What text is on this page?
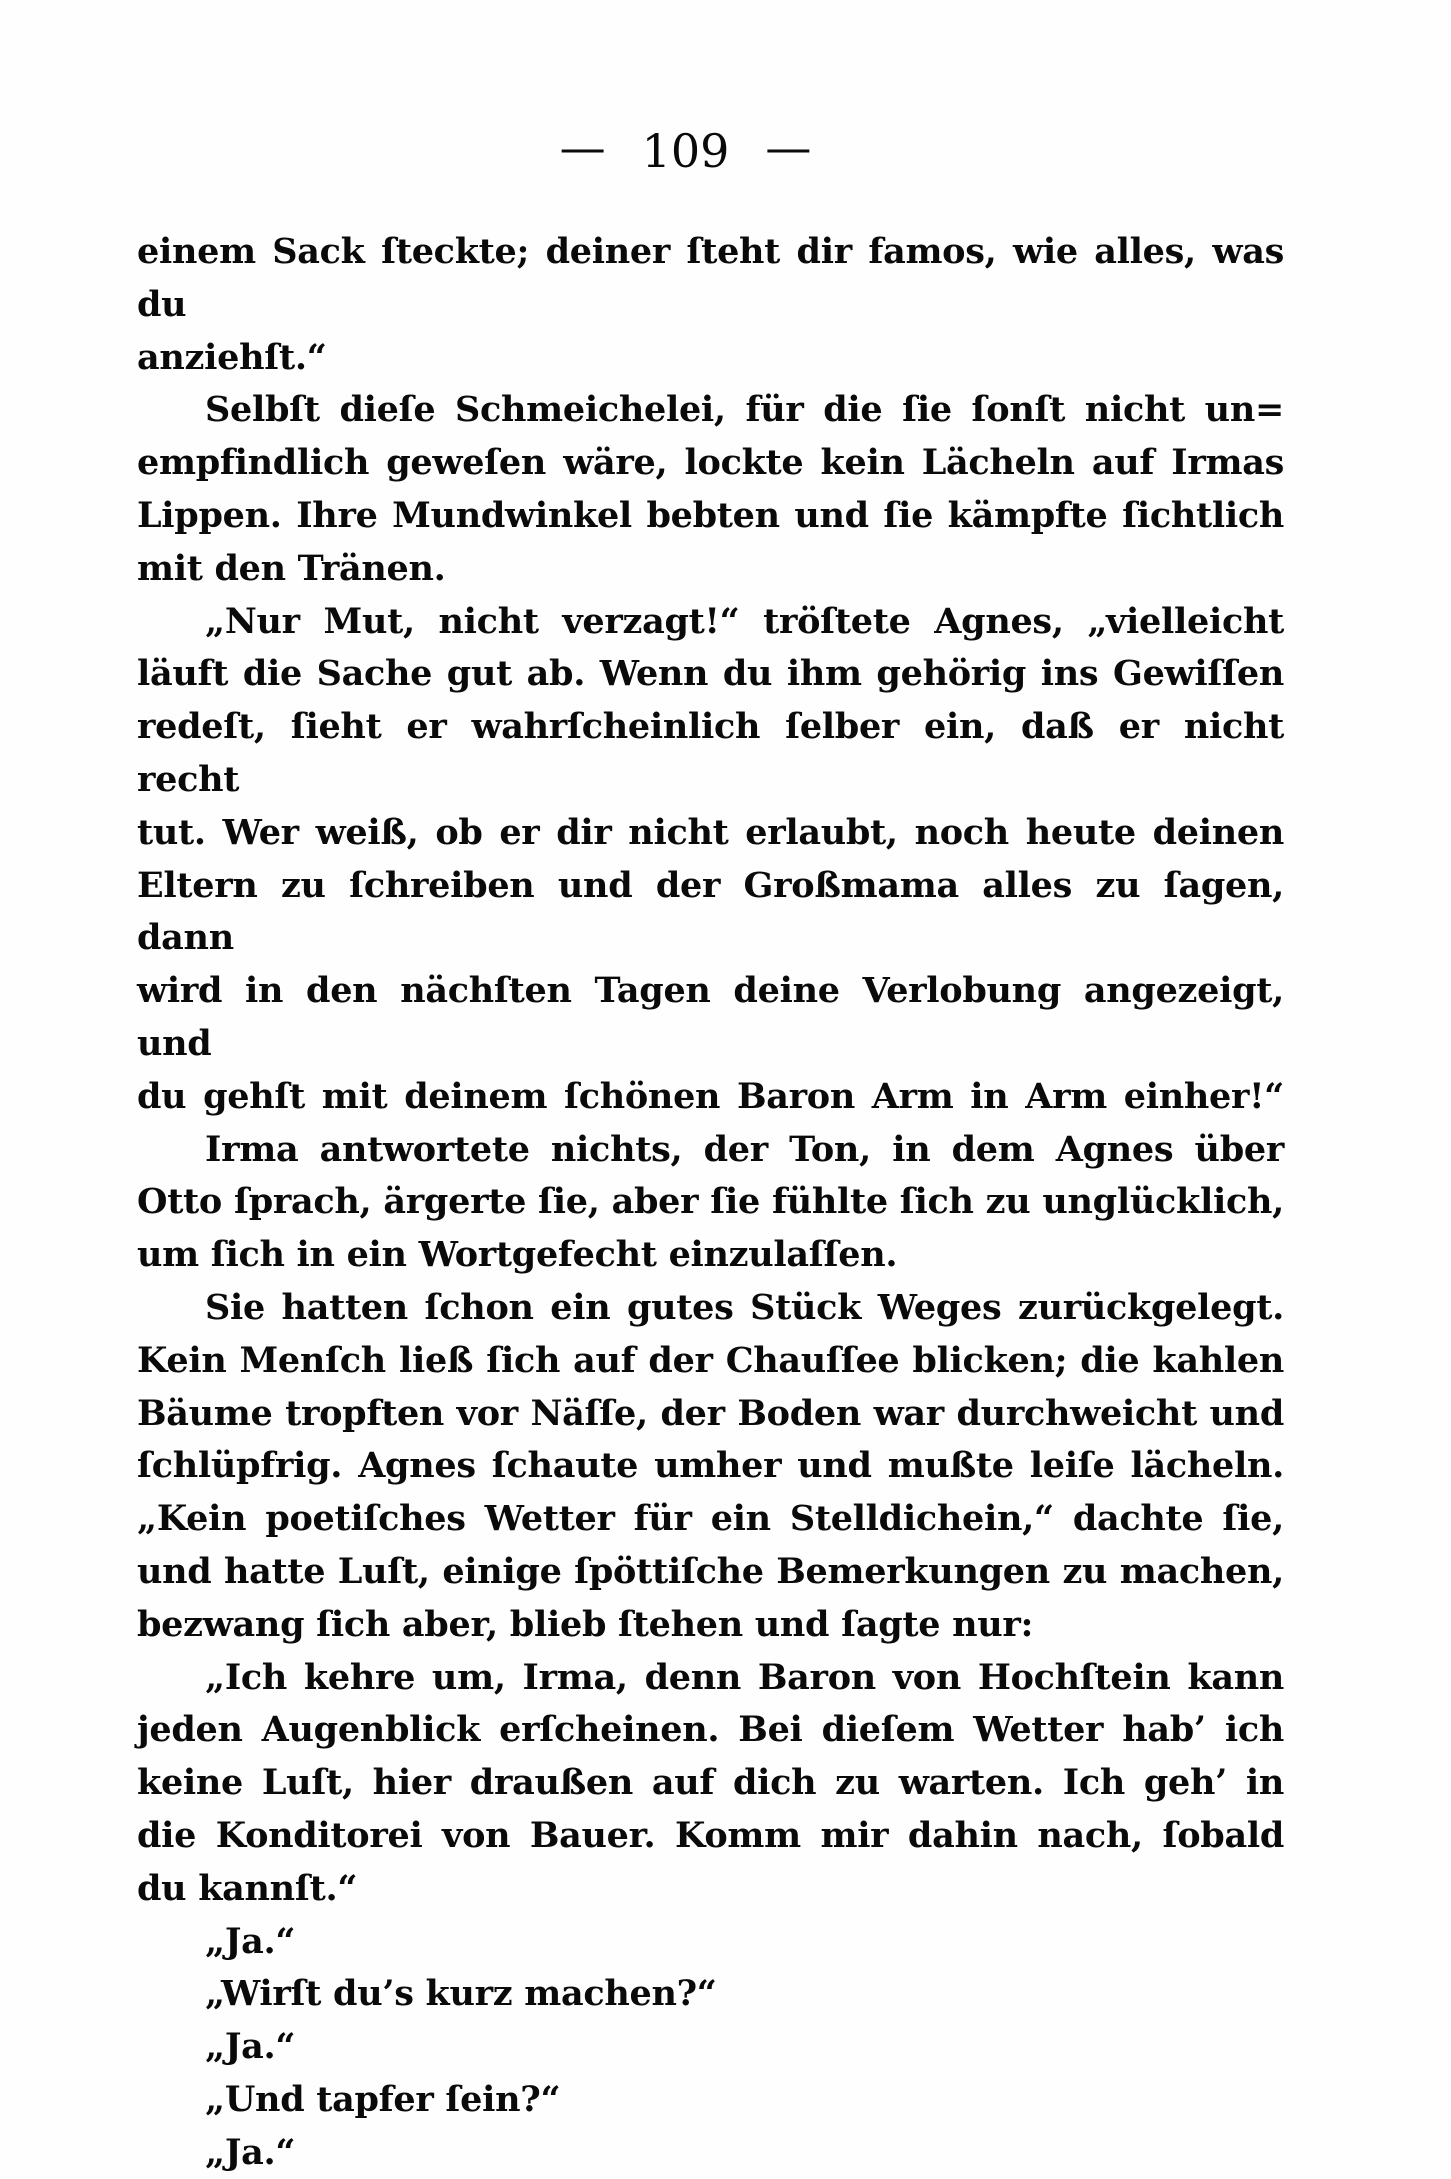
— 109 —
einem Sack ſteckte; deiner ſteht dir famos, wie alles, was du
anziehſt.“
Selbſt dieſe Schmeichelei, für die ſie ſonſt nicht un=
empfindlich geweſen wäre, lockte kein Lächeln auf Irmas
Lippen. Ihre Mundwinkel bebten und ſie kämpfte ſichtlich
mit den Tränen.
„Nur Mut, nicht verzagt!“ tröſtete Agnes, „vielleicht
läuft die Sache gut ab. Wenn du ihm gehörig ins Gewiſſen
redeſt, ſieht er wahrſcheinlich ſelber ein, daß er nicht recht
tut. Wer weiß, ob er dir nicht erlaubt, noch heute deinen
Eltern zu ſchreiben und der Großmama alles zu ſagen, dann
wird in den nächſten Tagen deine Verlobung angezeigt, und
du gehſt mit deinem ſchönen Baron Arm in Arm einher!“
Irma antwortete nichts, der Ton, in dem Agnes über
Otto ſprach, ärgerte ſie, aber ſie fühlte ſich zu unglücklich,
um ſich in ein Wortgefecht einzulaſſen.
Sie hatten ſchon ein gutes Stück Weges zurückgelegt.
Kein Menſch ließ ſich auf der Chauſſee blicken; die kahlen
Bäume tropften vor Näſſe, der Boden war durchweicht und
ſchlüpfrig. Agnes ſchaute umher und mußte leiſe lächeln.
„Kein poetiſches Wetter für ein Stelldichein,“ dachte ſie,
und hatte Luſt, einige ſpöttiſche Bemerkungen zu machen,
bezwang ſich aber, blieb ſtehen und ſagte nur:
„Ich kehre um, Irma, denn Baron von Hochſtein kann
jeden Augenblick erſcheinen. Bei dieſem Wetter hab’ ich
keine Luſt, hier draußen auf dich zu warten. Ich geh’ in
die Konditorei von Bauer. Komm mir dahin nach, ſobald
du kannſt.“
„Ja.“
„Wirſt du’s kurz machen?“
„Ja.“
„Und tapfer ſein?“
„Ja.“
